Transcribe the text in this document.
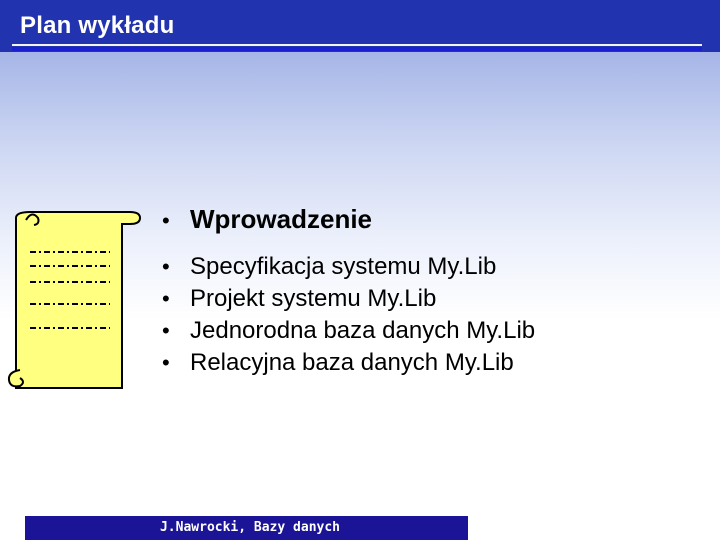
Plan wykładu
• Wprowadzenie
• Specyfikacja systemu My.Lib
• Projekt systemu My.Lib
• Jednorodna baza danych My.Lib
• Relacyjna baza danych My.Lib
J.Nawrocki, Bazy danych
